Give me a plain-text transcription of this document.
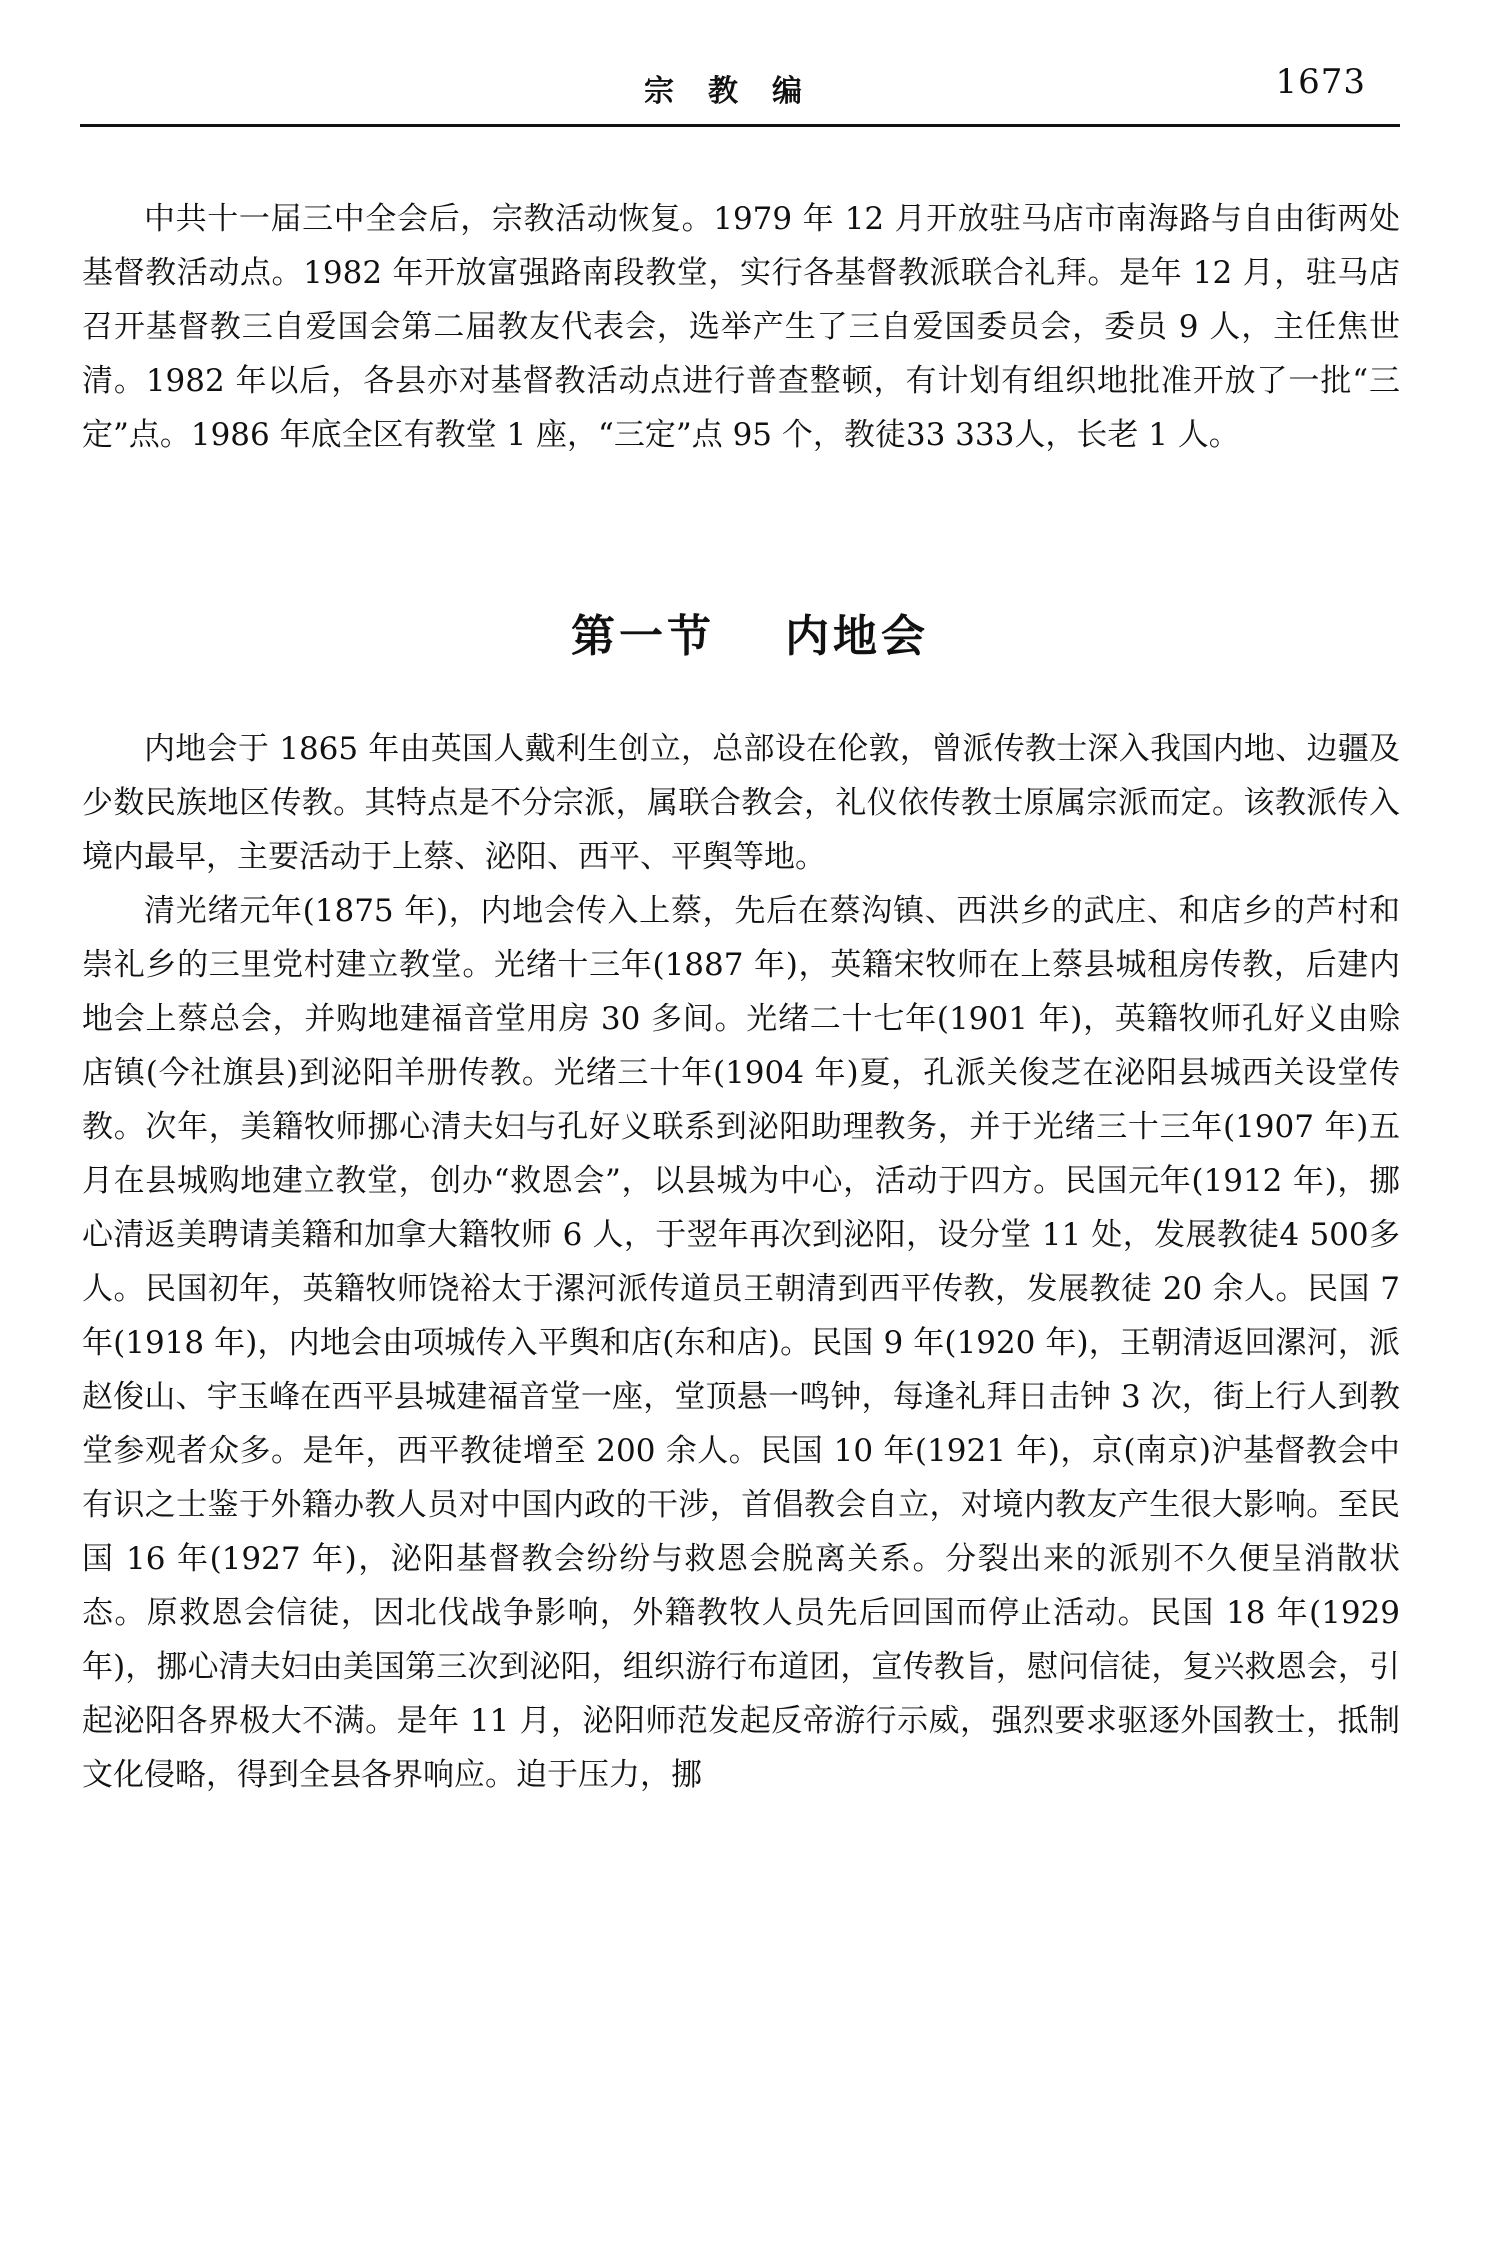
宗教编	1673

中共十一届三中全会后，宗教活动恢复。1979 年 12 月开放驻马店市南海路与自由街两处基督教活动点。1982 年开放富强路南段教堂，实行各基督教派联合礼拜。是年 12 月，驻马店召开基督教三自爱国会第二届教友代表会，选举产生了三自爱国委员会，委员 9 人，主任焦世清。1982 年以后，各县亦对基督教活动点进行普查整顿，有计划有组织地批准开放了一批“三定”点。1986 年底全区有教堂 1 座，“三定”点 95 个，教徒33 333人，长老 1 人。

第一节 内地会

内地会于 1865 年由英国人戴利生创立，总部设在伦敦，曾派传教士深入我国内地、边疆及少数民族地区传教。其特点是不分宗派，属联合教会，礼仪依传教士原属宗派而定。该教派传入境内最早，主要活动于上蔡、泌阳、西平、平舆等地。

清光绪元年(1875 年)，内地会传入上蔡，先后在蔡沟镇、西洪乡的武庄、和店乡的芦村和崇礼乡的三里党村建立教堂。光绪十三年(1887 年)，英籍宋牧师在上蔡县城租房传教，后建内地会上蔡总会，并购地建福音堂用房 30 多间。光绪二十七年(1901 年)，英籍牧师孔好义由赊店镇(今社旗县)到泌阳羊册传教。光绪三十年(1904 年)夏，孔派关俊芝在泌阳县城西关设堂传教。次年，美籍牧师挪心清夫妇与孔好义联系到泌阳助理教务，并于光绪三十三年(1907 年)五月在县城购地建立教堂，创办“救恩会”，以县城为中心，活动于四方。民国元年(1912 年)，挪心清返美聘请美籍和加拿大籍牧师 6 人，于翌年再次到泌阳，设分堂 11 处，发展教徒4 500多人。民国初年，英籍牧师饶裕太于漯河派传道员王朝清到西平传教，发展教徒 20 余人。民国 7 年(1918 年)，内地会由项城传入平舆和店(东和店)。民国 9 年(1920 年)，王朝清返回漯河，派赵俊山、宇玉峰在西平县城建福音堂一座，堂顶悬一鸣钟，每逢礼拜日击钟 3 次，街上行人到教堂参观者众多。是年，西平教徒增至 200 余人。民国 10 年(1921 年)，京(南京)沪基督教会中有识之士鉴于外籍办教人员对中国内政的干涉，首倡教会自立，对境内教友产生很大影响。至民国 16 年(1927 年)，泌阳基督教会纷纷与救恩会脱离关系。分裂出来的派别不久便呈消散状态。原救恩会信徒，因北伐战争影响，外籍教牧人员先后回国而停止活动。民国 18 年(1929 年)，挪心清夫妇由美国第三次到泌阳，组织游行布道团，宣传教旨，慰问信徒，复兴救恩会，引起泌阳各界极大不满。是年 11 月，泌阳师范发起反帝游行示威，强烈要求驱逐外国教士，抵制文化侵略，得到全县各界响应。迫于压力，挪
